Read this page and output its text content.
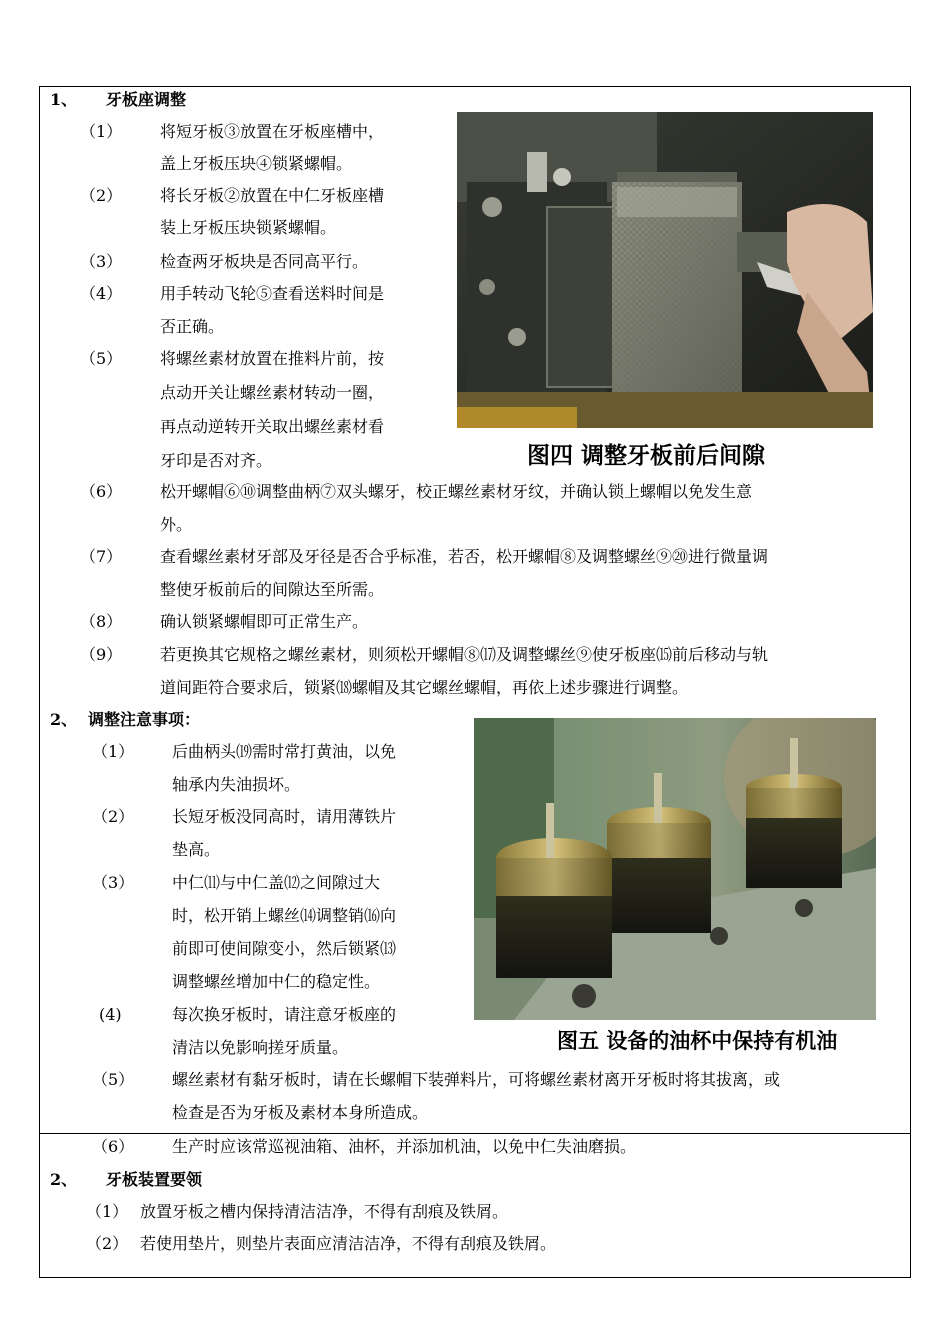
1、 牙板座调整
（1） 将短牙板③放置在牙板座槽中，
盖上牙板压块④锁紧螺帽。
（2） 将长牙板②放置在中仁牙板座槽
装上牙板压块锁紧螺帽。
（3） 检查两牙板块是否同高平行。
（4） 用手转动飞轮⑤查看送料时间是
否正确。
（5） 将螺丝素材放置在推料片前，按
点动开关让螺丝素材转动一圈，
再点动逆转开关取出螺丝素材看
牙印是否对齐。	图四 调整牙板前后间隙
（6） 松开螺帽⑥⑩调整曲柄⑦双头螺牙，校正螺丝素材牙纹，并确认锁上螺帽以免发生意
外。
（7） 查看螺丝素材牙部及牙径是否合乎标准，若否，松开螺帽⑧及调整螺丝⑨⑳进行微量调
整使牙板前后的间隙达至所需。
（8） 确认锁紧螺帽即可正常生产。
（9） 若更换其它规格之螺丝素材，则须松开螺帽⑧⒄及调整螺丝⑨使牙板座⒂前后移动与轨
道间距符合要求后，锁紧⒅螺帽及其它螺丝螺帽，再依上述步骤进行调整。
2、 调整注意事项：
（1） 后曲柄头⒆需时常打黄油，以免
轴承内失油损坏。
（2） 长短牙板没同高时，请用薄铁片
垫高。
（3） 中仁⑾与中仁盖⑿之间隙过大
时，松开销上螺丝⒁调整销⒃向
前即可使间隙变小，然后锁紧⒀
调整螺丝增加中仁的稳定性。
(4)	每次换牙板时，请注意牙板座的
清洁以免影响搓牙质量。	图五 设备的油杯中保持有机油
（5） 螺丝素材有黏牙板时，请在长螺帽下装弹料片，可将螺丝素材离开牙板时将其拔离，或
检查是否为牙板及素材本身所造成。
（6） 生产时应该常巡视油箱、油杯，并添加机油，以免中仁失油磨损。
2、 牙板装置要领
（1） 放置牙板之槽内保持清洁洁净，不得有刮痕及铁屑。
（2） 若使用垫片，则垫片表面应清洁洁净，不得有刮痕及铁屑。
